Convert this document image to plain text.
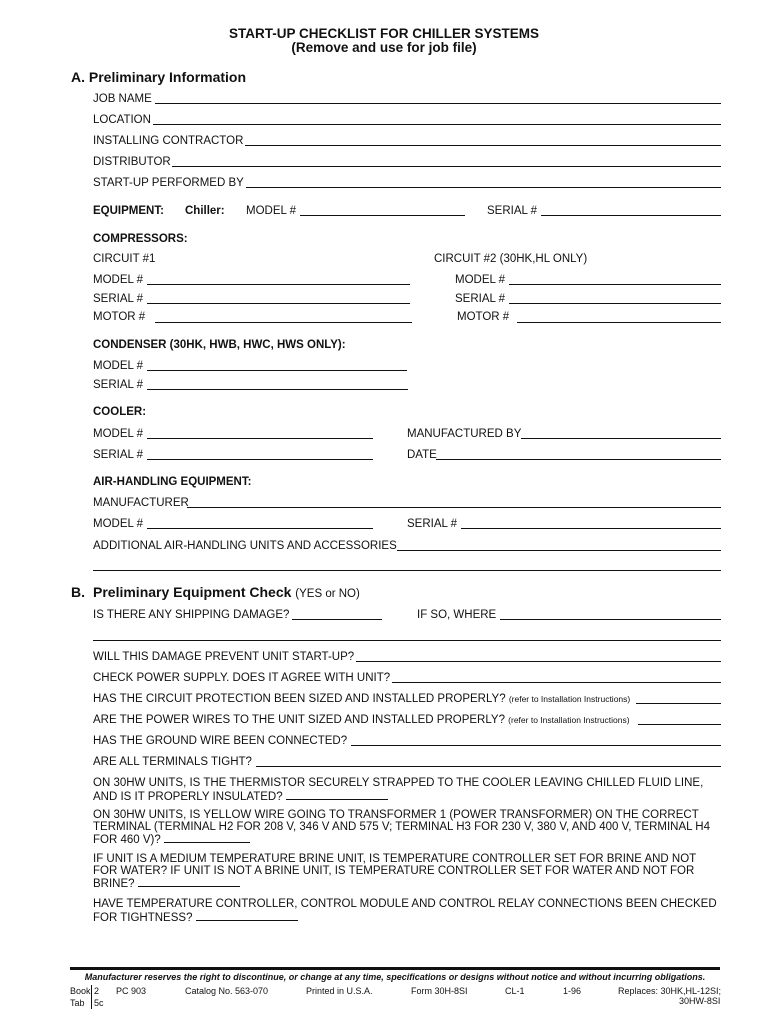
START-UP CHECKLIST FOR CHILLER SYSTEMS
(Remove and use for job file)
A. Preliminary Information
JOB NAME
LOCATION
INSTALLING CONTRACTOR
DISTRIBUTOR
START-UP PERFORMED BY
EQUIPMENT: Chiller: MODEL #	SERIAL #
COMPRESSORS:
CIRCUIT #1	CIRCUIT #2 (30HK,HL ONLY)
MODEL #	MODEL #
SERIAL #	SERIAL #
MOTOR #	MOTOR #
CONDENSER (30HK, HWB, HWC, HWS ONLY):
MODEL #
SERIAL #
COOLER:
MODEL #	MANUFACTURED BY
SERIAL #	DATE
AIR-HANDLING EQUIPMENT:
MANUFACTURER
MODEL #	SERIAL #
ADDITIONAL AIR-HANDLING UNITS AND ACCESSORIES
B. Preliminary Equipment Check (YES or NO)
IS THERE ANY SHIPPING DAMAGE?	IF SO, WHERE
WILL THIS DAMAGE PREVENT UNIT START-UP?
CHECK POWER SUPPLY. DOES IT AGREE WITH UNIT?
HAS THE CIRCUIT PROTECTION BEEN SIZED AND INSTALLED PROPERLY? (refer to Installation Instructions)
ARE THE POWER WIRES TO THE UNIT SIZED AND INSTALLED PROPERLY? (refer to Installation Instructions)
HAS THE GROUND WIRE BEEN CONNECTED?
ARE ALL TERMINALS TIGHT?
ON 30HW UNITS, IS THE THERMISTOR SECURELY STRAPPED TO THE COOLER LEAVING CHILLED FLUID LINE, AND IS IT PROPERLY INSULATED?
ON 30HW UNITS, IS YELLOW WIRE GOING TO TRANSFORMER 1 (POWER TRANSFORMER) ON THE CORRECT TERMINAL (TERMINAL H2 FOR 208 V, 346 V AND 575 V; TERMINAL H3 FOR 230 V, 380 V, AND 400 V, TERMINAL H4 FOR 460 V)?
IF UNIT IS A MEDIUM TEMPERATURE BRINE UNIT, IS TEMPERATURE CONTROLLER SET FOR BRINE AND NOT FOR WATER? IF UNIT IS NOT A BRINE UNIT, IS TEMPERATURE CONTROLLER SET FOR WATER AND NOT FOR BRINE?
HAVE TEMPERATURE CONTROLLER, CONTROL MODULE AND CONTROL RELAY CONNECTIONS BEEN CHECKED FOR TIGHTNESS?
Manufacturer reserves the right to discontinue, or change at any time, specifications or designs without notice and without incurring obligations.
Book 2
Tab 5c
PC 903	Catalog No. 563-070	Printed in U.S.A.	Form 30H-8SI	CL-1	1-96	Replaces: 30HK,HL-12SI;
30HW-8SI
